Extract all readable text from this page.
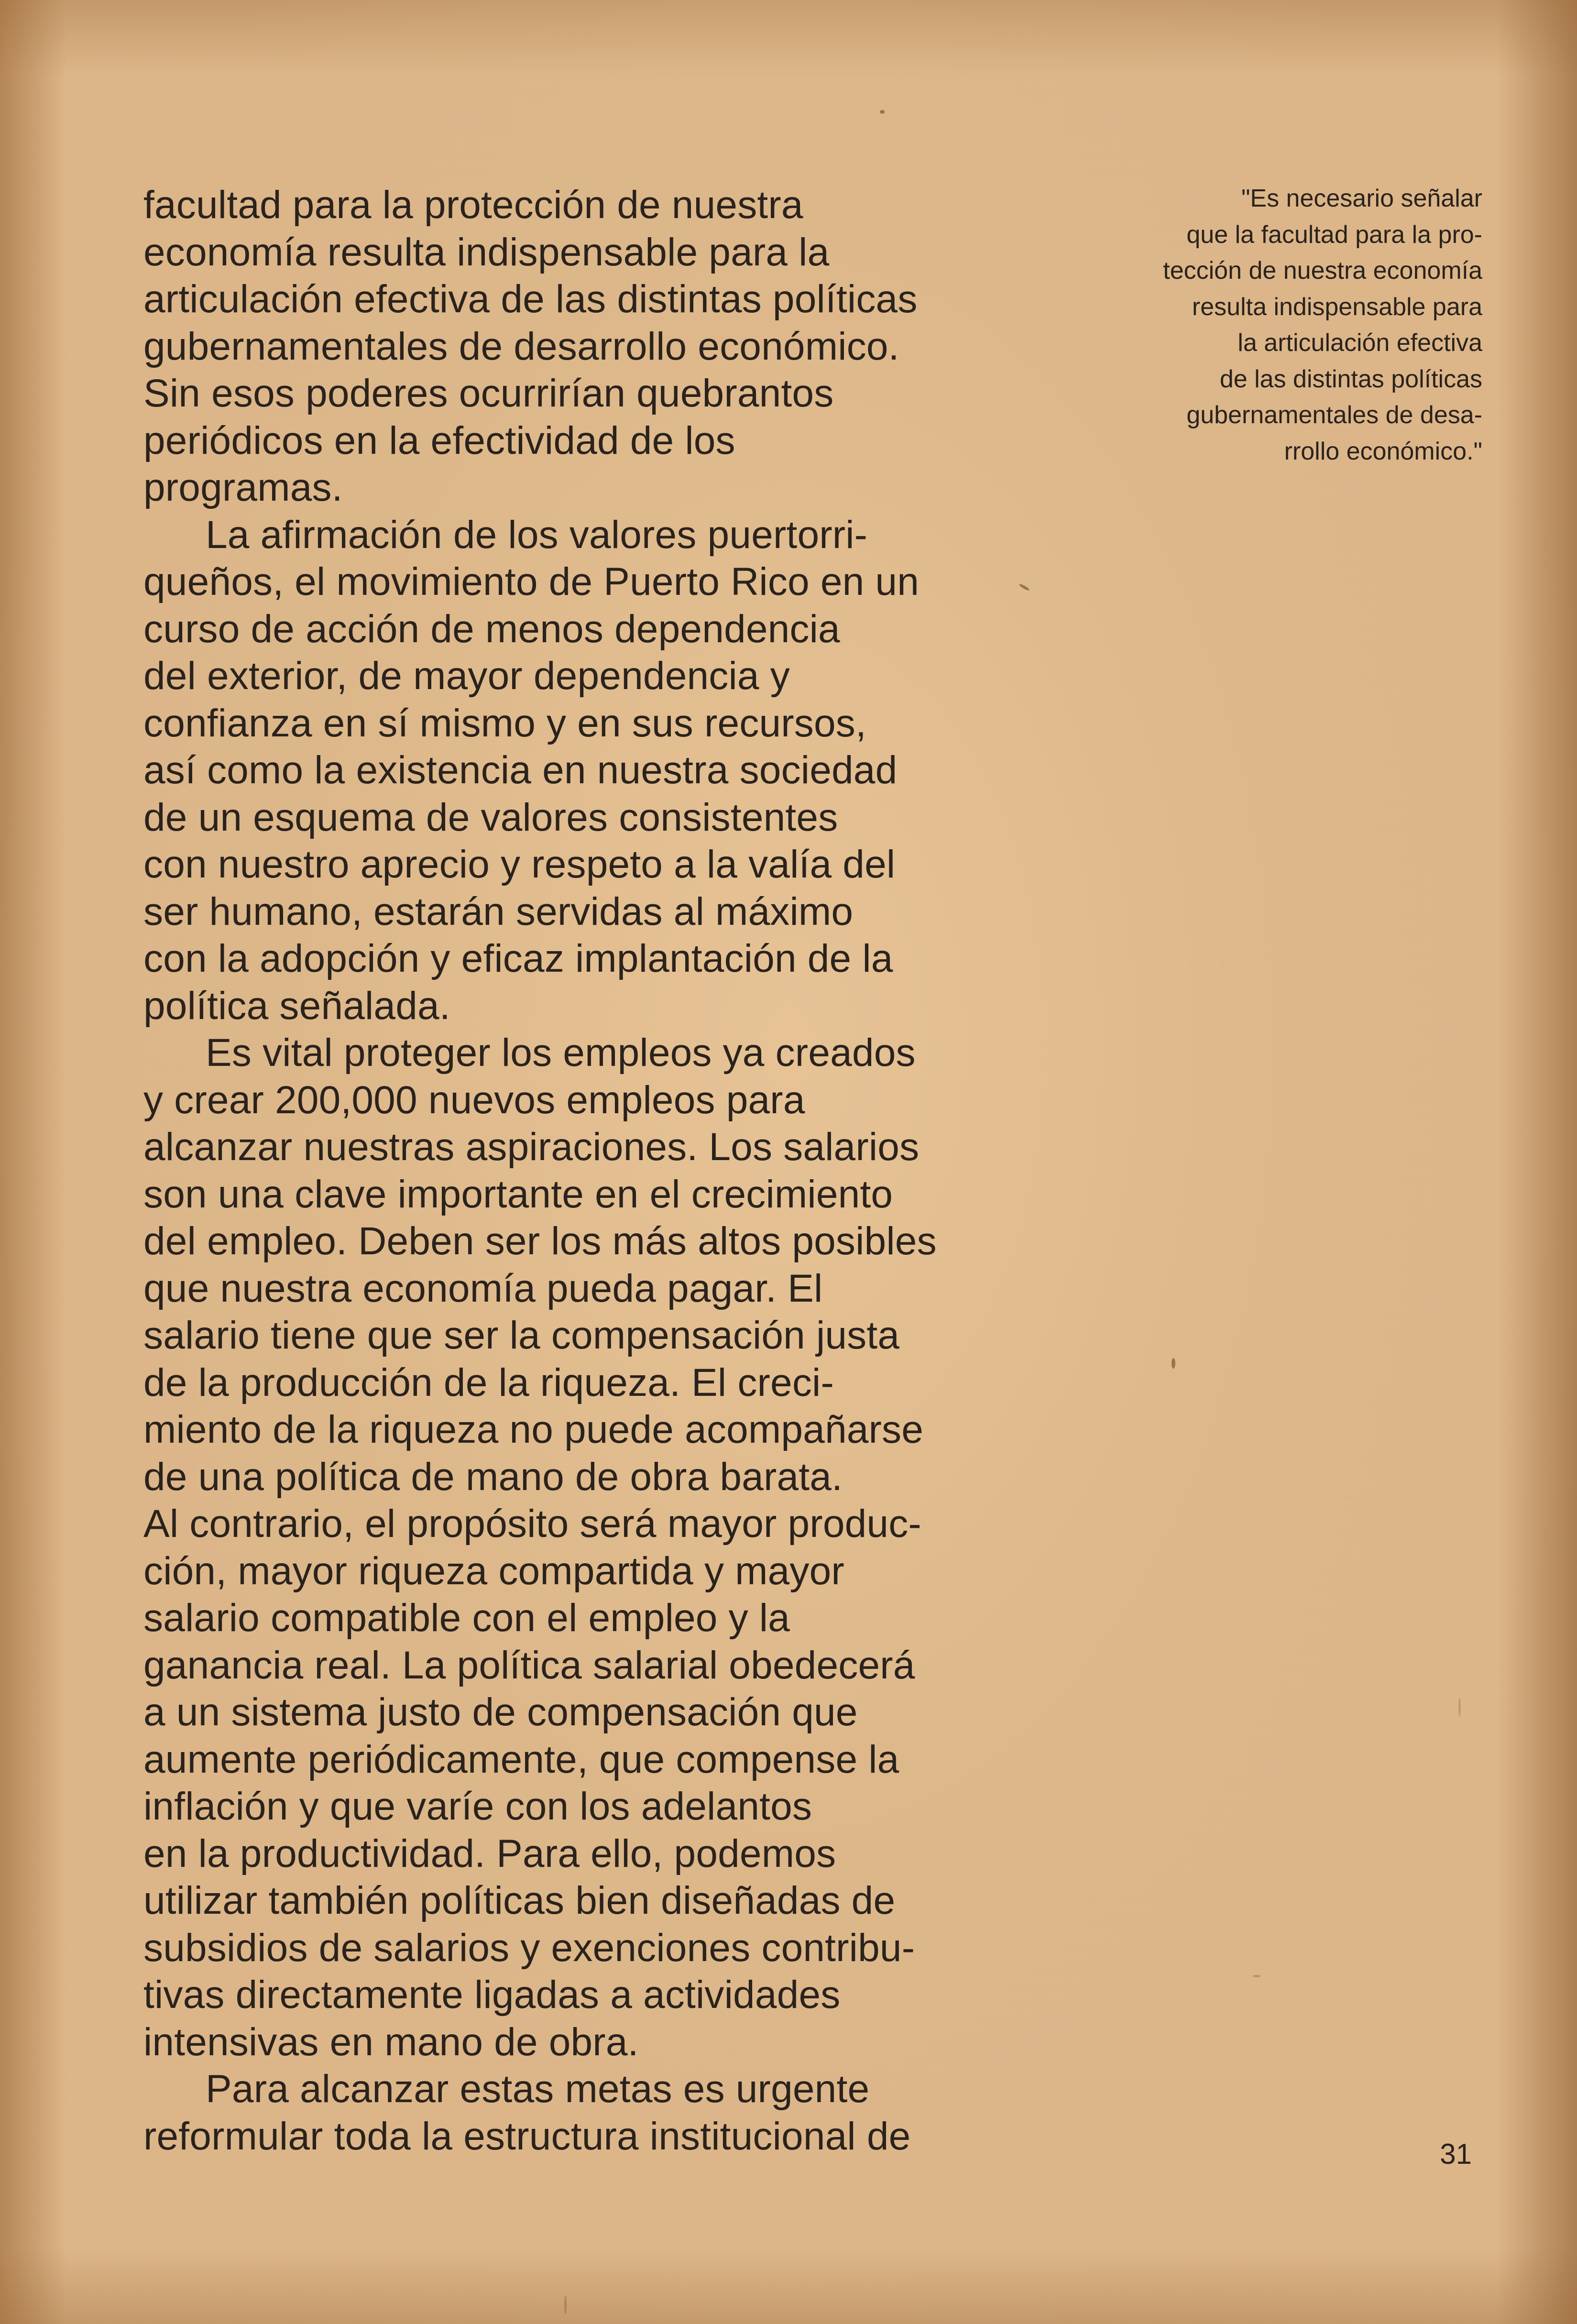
facultad para la protección de nuestra
economía resulta indispensable para la
articulación efectiva de las distintas políticas
gubernamentales de desarrollo económico.
Sin esos poderes ocurrirían quebrantos
periódicos en la efectividad de los
programas.
La afirmación de los valores puertorri-
queños, el movimiento de Puerto Rico en un
curso de acción de menos dependencia
del exterior, de mayor dependencia y
confianza en sí mismo y en sus recursos,
así como la existencia en nuestra sociedad
de un esquema de valores consistentes
con nuestro aprecio y respeto a la valía del
ser humano, estarán servidas al máximo
con la adopción y eficaz implantación de la
política señalada.
Es vital proteger los empleos ya creados
y crear 200,000 nuevos empleos para
alcanzar nuestras aspiraciones. Los salarios
son una clave importante en el crecimiento
del empleo. Deben ser los más altos posibles
que nuestra economía pueda pagar. El
salario tiene que ser la compensación justa
de la producción de la riqueza. El creci-
miento de la riqueza no puede acompañarse
de una política de mano de obra barata.
Al contrario, el propósito será mayor produc-
ción, mayor riqueza compartida y mayor
salario compatible con el empleo y la
ganancia real. La política salarial obedecerá
a un sistema justo de compensación que
aumente periódicamente, que compense la
inflación y que varíe con los adelantos
en la productividad. Para ello, podemos
utilizar también políticas bien diseñadas de
subsidios de salarios y exenciones contribu-
tivas directamente ligadas a actividades
intensivas en mano de obra.
Para alcanzar estas metas es urgente
reformular toda la estructura institucional de
"Es necesario señalar
que la facultad para la pro-
tección de nuestra economía
resulta indispensable para
la articulación efectiva
de las distintas políticas
gubernamentales de desa-
rrollo económico."
31
